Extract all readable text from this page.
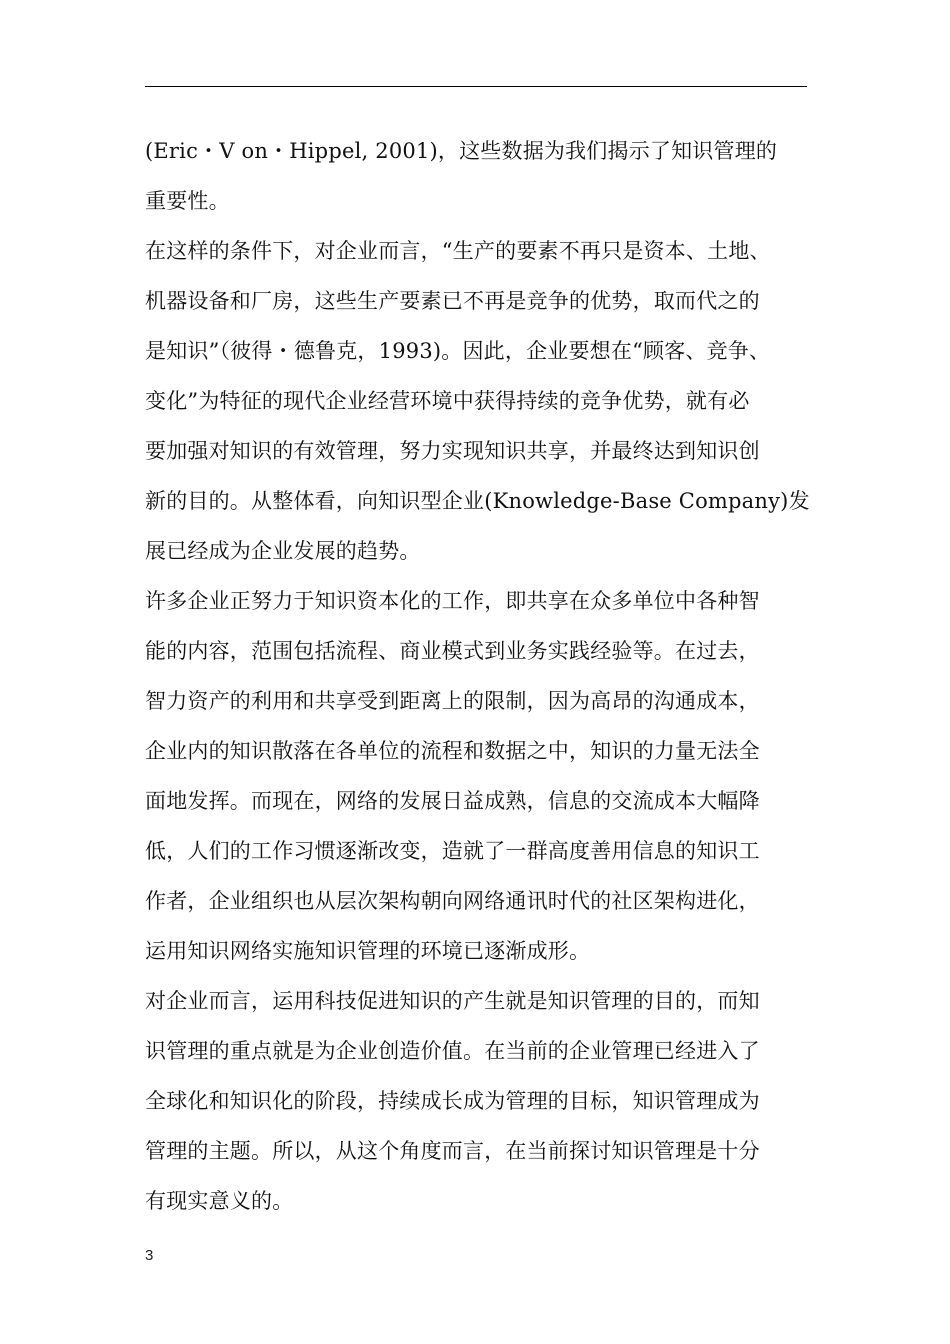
(Eric・V on・Hippel, 2001)，这些数据为我们揭示了知识管理的
重要性。
在这样的条件下，对企业而言，“生产的要素不再只是资本、土地、
机器设备和厂房，这些生产要素已不再是竞争的优势，取而代之的
是知识”（彼得・德鲁克，1993)。因此，企业要想在“顾客、竞争、
变化”为特征的现代企业经营环境中获得持续的竞争优势，就有必
要加强对知识的有效管理，努力实现知识共享，并最终达到知识创
新的目的。从整体看，向知识型企业(Knowledge-Base Company)发
展已经成为企业发展的趋势。
许多企业正努力于知识资本化的工作，即共享在众多单位中各种智
能的内容，范围包括流程、商业模式到业务实践经验等。在过去，
智力资产的利用和共享受到距离上的限制，因为高昂的沟通成本，
企业内的知识散落在各单位的流程和数据之中，知识的力量无法全
面地发挥。而现在，网络的发展日益成熟，信息的交流成本大幅降
低，人们的工作习惯逐渐改变，造就了一群高度善用信息的知识工
作者，企业组织也从层次架构朝向网络通讯时代的社区架构进化，
运用知识网络实施知识管理的环境已逐渐成形。
对企业而言，运用科技促进知识的产生就是知识管理的目的，而知
识管理的重点就是为企业创造价值。在当前的企业管理已经进入了
全球化和知识化的阶段，持续成长成为管理的目标，知识管理成为
管理的主题。所以，从这个角度而言，在当前探讨知识管理是十分
有现实意义的。
3
